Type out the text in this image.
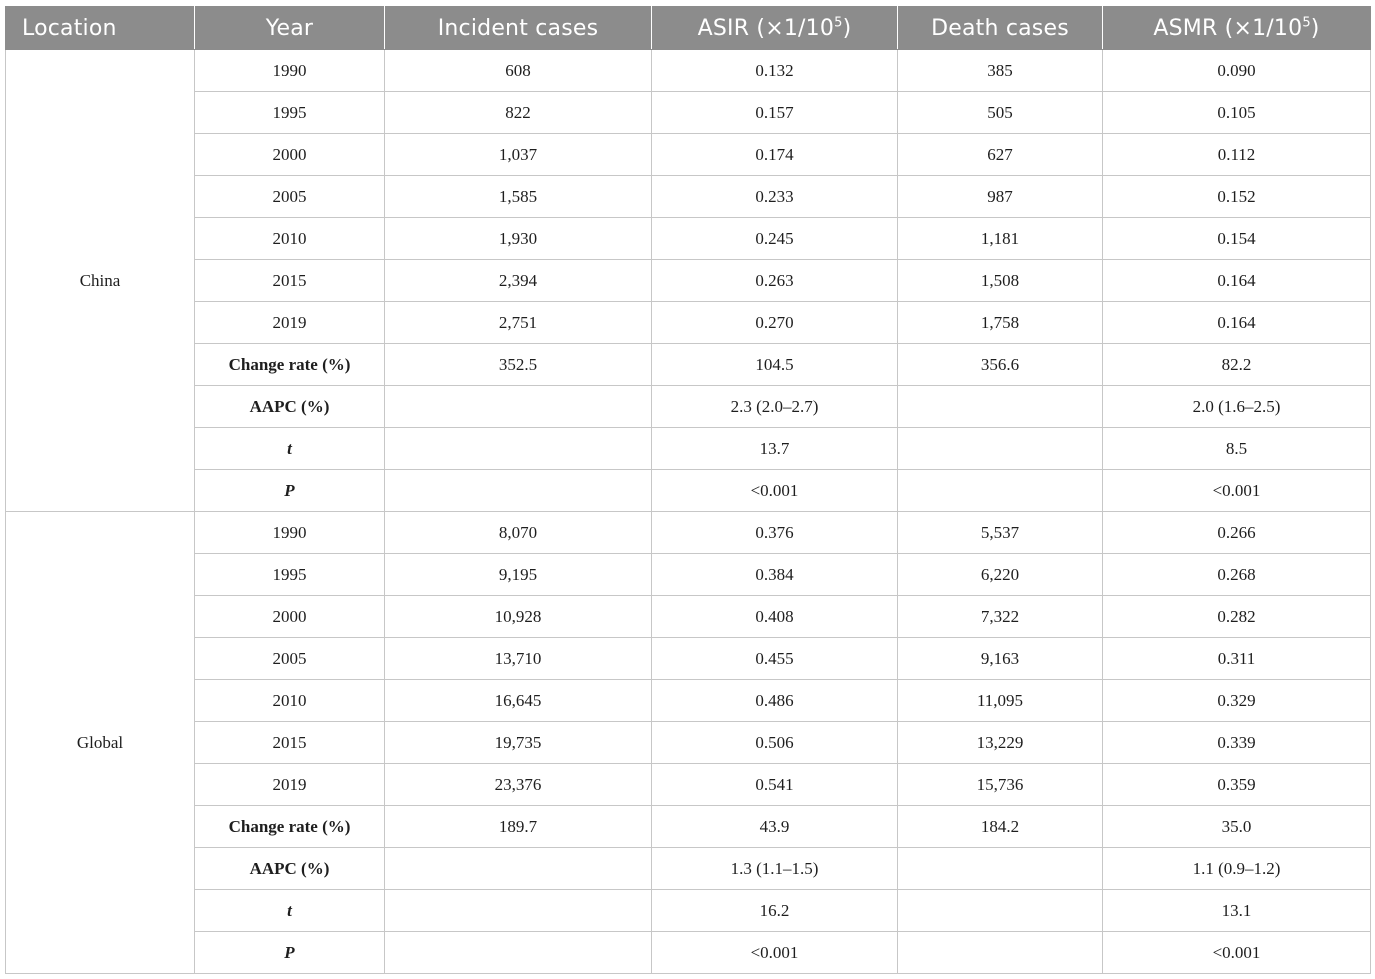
Location	Year	Incident cases	ASIR $(\times 1/10^5)$	Death cases	ASMR $(\times 1/10^5)$
China	1990	608	0.132	385	0.090
	1995	822	0.157	505	0.105
	2000	1,037	0.174	627	0.112
	2005	1,585	0.233	987	0.152
	2010	1,930	0.245	1,181	0.154
	2015	2,394	0.263	1,508	0.164
	2019	2,751	0.270	1,758	0.164
	Change rate (%)	352.5	104.5	356.6	82.2
	AAPC (%)		2.3 (2.0–2.7)		2.0 (1.6–2.5)
	t		13.7		8.5
	P		<0.001		<0.001
Global	1990	8,070	0.376	5,537	0.266
	1995	9,195	0.384	6,220	0.268
	2000	10,928	0.408	7,322	0.282
	2005	13,710	0.455	9,163	0.311
	2010	16,645	0.486	11,095	0.329
	2015	19,735	0.506	13,229	0.339
	2019	23,376	0.541	15,736	0.359
	Change rate (%)	189.7	43.9	184.2	35.0
	AAPC (%)		1.3 (1.1–1.5)		1.1 (0.9–1.2)
	t		16.2		13.1
	P		<0.001		<0.001
